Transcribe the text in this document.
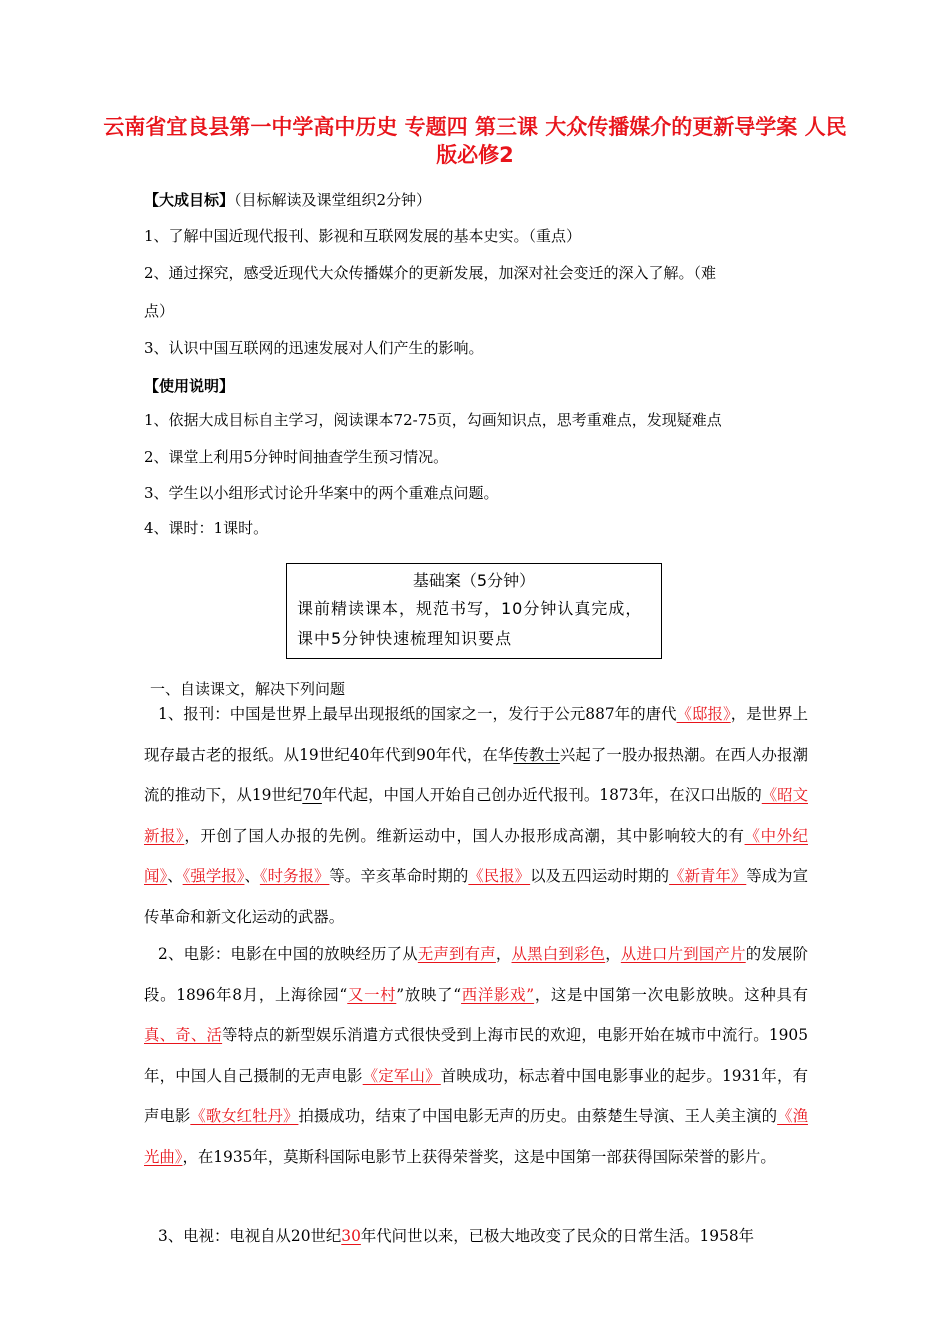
云南省宜良县第一中学高中历史 专题四 第三课 大众传播媒介的更新导学案 人民版必修2
【大成目标】（目标解读及课堂组织2分钟）
1、了解中国近现代报刊、影视和互联网发展的基本史实。（重点）
2、通过探究，感受近现代大众传播媒介的更新发展，加深对社会变迁的深入了解。（难
点）
3、认识中国互联网的迅速发展对人们产生的影响。
【使用说明】
1、依据大成目标自主学习，阅读课本72-75页，勾画知识点，思考重难点，发现疑难点
2、课堂上利用5分钟时间抽查学生预习情况。
3、学生以小组形式讨论升华案中的两个重难点问题。
4、课时：1课时。
基础案（5分钟）
课前精读课本，规范书写，10分钟认真完成，课中5分钟快速梳理知识要点
一、自读课文，解决下列问题

1、报刊：中国是世界上最早出现报纸的国家之一，发行于公元887年的唐代《邸报》，是世界上现存最古老的报纸。从19世纪40年代到90年代，在华传教士兴起了一股办报热潮。在西人办报潮流的推动下，从19世纪70年代起，中国人开始自己创办近代报刊。1873年，在汉口出版的《昭文新报》，开创了国人办报的先例。维新运动中，国人办报形成高潮，其中影响较大的有《中外纪闻》、《强学报》、《时务报》等。辛亥革命时期的《民报》以及五四运动时期的《新青年》等成为宣传革命和新文化运动的武器。

2、电影：电影在中国的放映经历了从无声到有声，从黑白到彩色，从进口片到国产片的发展阶段。1896年8月，上海徐园“又一村”放映了“西洋影戏”，这是中国第一次电影放映。这种具有真、奇、活等特点的新型娱乐消遣方式很快受到上海市民的欢迎，电影开始在城市中流行。1905年，中国人自己摄制的无声电影《定军山》首映成功，标志着中国电影事业的起步。1931年，有声电影《歌女红牡丹》拍摄成功，结束了中国电影无声的历史。由蔡楚生导演、王人美主演的《渔光曲》，在1935年，莫斯科国际电影节上获得荣誉奖，这是中国第一部获得国际荣誉的影片。

3、电视：电视自从20世纪30年代问世以来，已极大地改变了民众的日常生活。1958年
